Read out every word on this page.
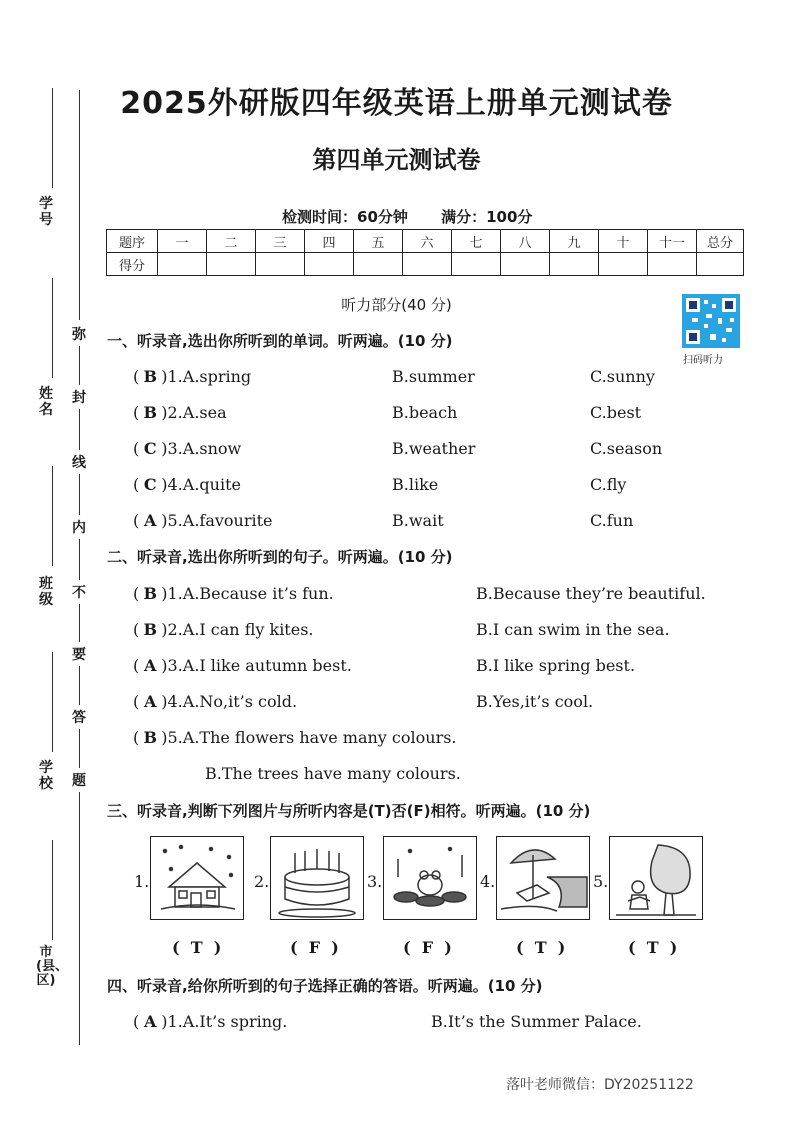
弥
封
线
内
不
要
答
题
学号
姓名
班级
学校
市(县、区)
2025外研版四年级英语上册单元测试卷
第四单元测试卷
检测时间：60分钟 满分：100分
题序	一	二	三	四	五	六	七	八	九	十	十一	总分
得分												
听力部分(40 分)
扫码听力
一、听录音,选出你所听到的单词。听两遍。(10 分)
( B )1.A.spring	B.summer	C.sunny
( B )2.A.sea	B.beach	C.best
( C )3.A.snow	B.weather	C.season
( C )4.A.quite	B.like	C.fly
( A )5.A.favourite	B.wait	C.fun
二、听录音,选出你所听到的句子。听两遍。(10 分)
( B )1.A.Because it’s fun.	B.Because they’re beautiful.
( B )2.A.I can fly kites.	B.I can swim in the sea.
( A )3.A.I like autumn best.	B.I like spring best.
( A )4.A.No,it’s cold.	B.Yes,it’s cool.
( B )5.A.The flowers have many colours.
B.The trees have many colours.
三、听录音,判断下列图片与所听内容是(T)否(F)相符。听两遍。(10 分)
1.	2.	3.	4.	5.
(  T  )	(  F  )	(  F  )	(  T  )	(  T  )
四、听录音,给你所听到的句子选择正确的答语。听两遍。(10 分)
( A )1.A.It’s spring.	B.It’s the Summer Palace.
落叶老师微信：DY20251122
